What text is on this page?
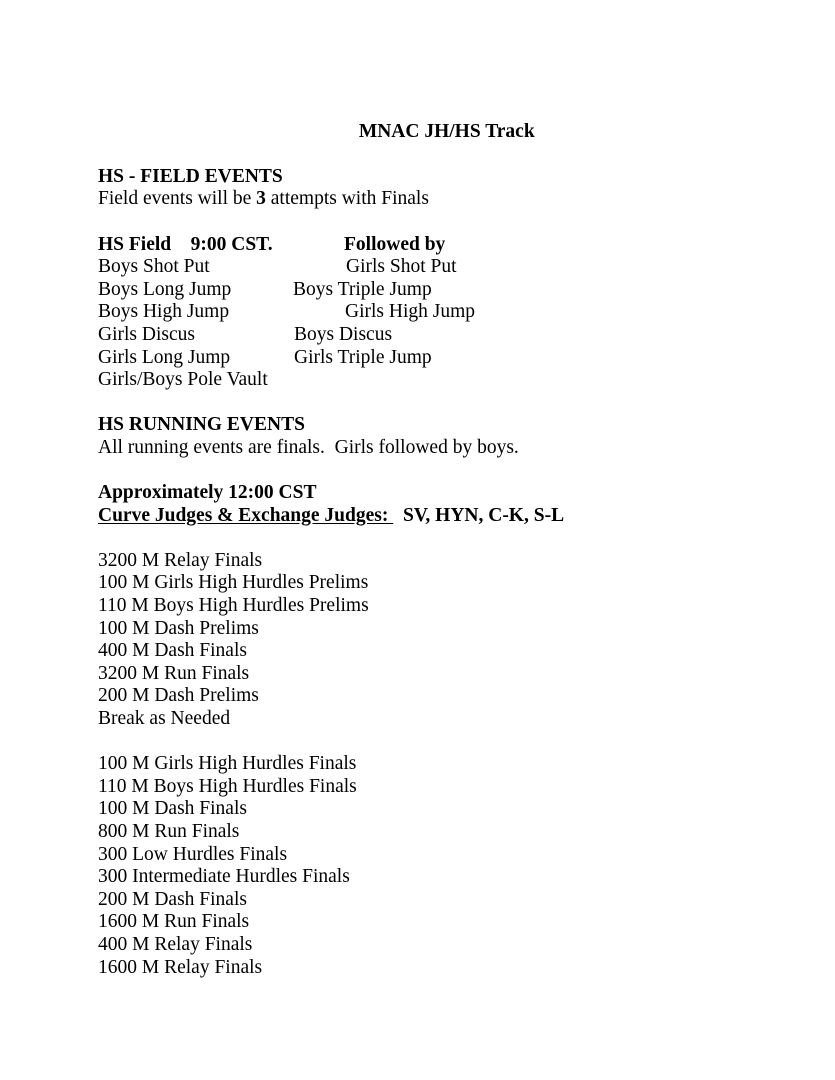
MNAC JH/HS Track

HS - FIELD EVENTS
Field events will be 3 attempts with Finals

HS Field    9:00 CST.

	Followed by

Boys Shot Put	Girls Shot Put
Boys Long Jump	Boys Triple Jump
Boys High Jump	Girls High Jump
Girls Discus	Boys Discus
Girls Long Jump	Girls Triple Jump
Girls/Boys Pole Vault

HS RUNNING EVENTS
All running events are finals.  Girls followed by boys.

Approximately 12:00 CST
Curve Judges & Exchange Judges:   SV, HYN, C-K, S-L

3200 M Relay Finals
100 M Girls High Hurdles Prelims
110 M Boys High Hurdles Prelims
100 M Dash Prelims
400 M Dash Finals
3200 M Run Finals
200 M Dash Prelims
Break as Needed

100 M Girls High Hurdles Finals
110 M Boys High Hurdles Finals
100 M Dash Finals
800 M Run Finals
300 Low Hurdles Finals
300 Intermediate Hurdles Finals
200 M Dash Finals
1600 M Run Finals
400 M Relay Finals
1600 M Relay Finals
